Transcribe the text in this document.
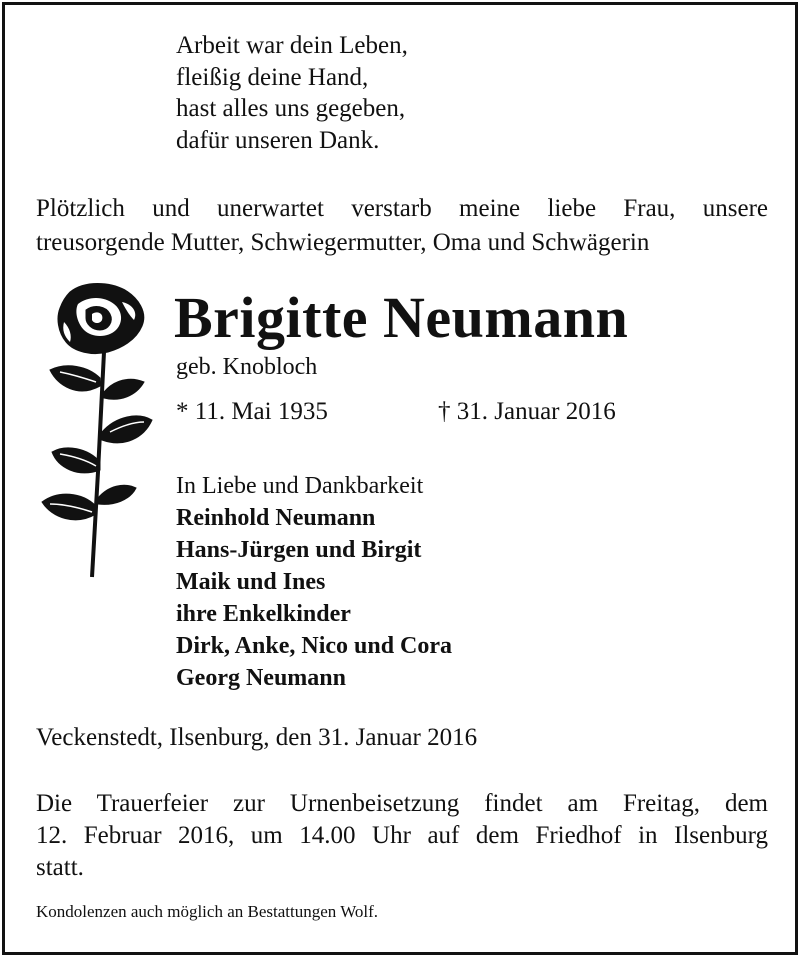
Arbeit war dein Leben,
fleißig deine Hand,
hast alles uns gegeben,
dafür unseren Dank.
Plötzlich und unerwartet verstarb meine liebe Frau, unsere
treusorgende Mutter, Schwiegermutter, Oma und Schwägerin
Brigitte Neumann
geb. Knobloch
* 11. Mai 1935	† 31. Januar 2016
In Liebe und Dankbarkeit
Reinhold Neumann
Hans-Jürgen und Birgit
Maik und Ines
ihre Enkelkinder
Dirk, Anke, Nico und Cora
Georg Neumann
Veckenstedt, Ilsenburg, den 31. Januar 2016
Die Trauerfeier zur Urnenbeisetzung findet am Freitag, dem
12. Februar 2016, um 14.00 Uhr auf dem Friedhof in Ilsenburg
statt.
Kondolenzen auch möglich an Bestattungen Wolf.
